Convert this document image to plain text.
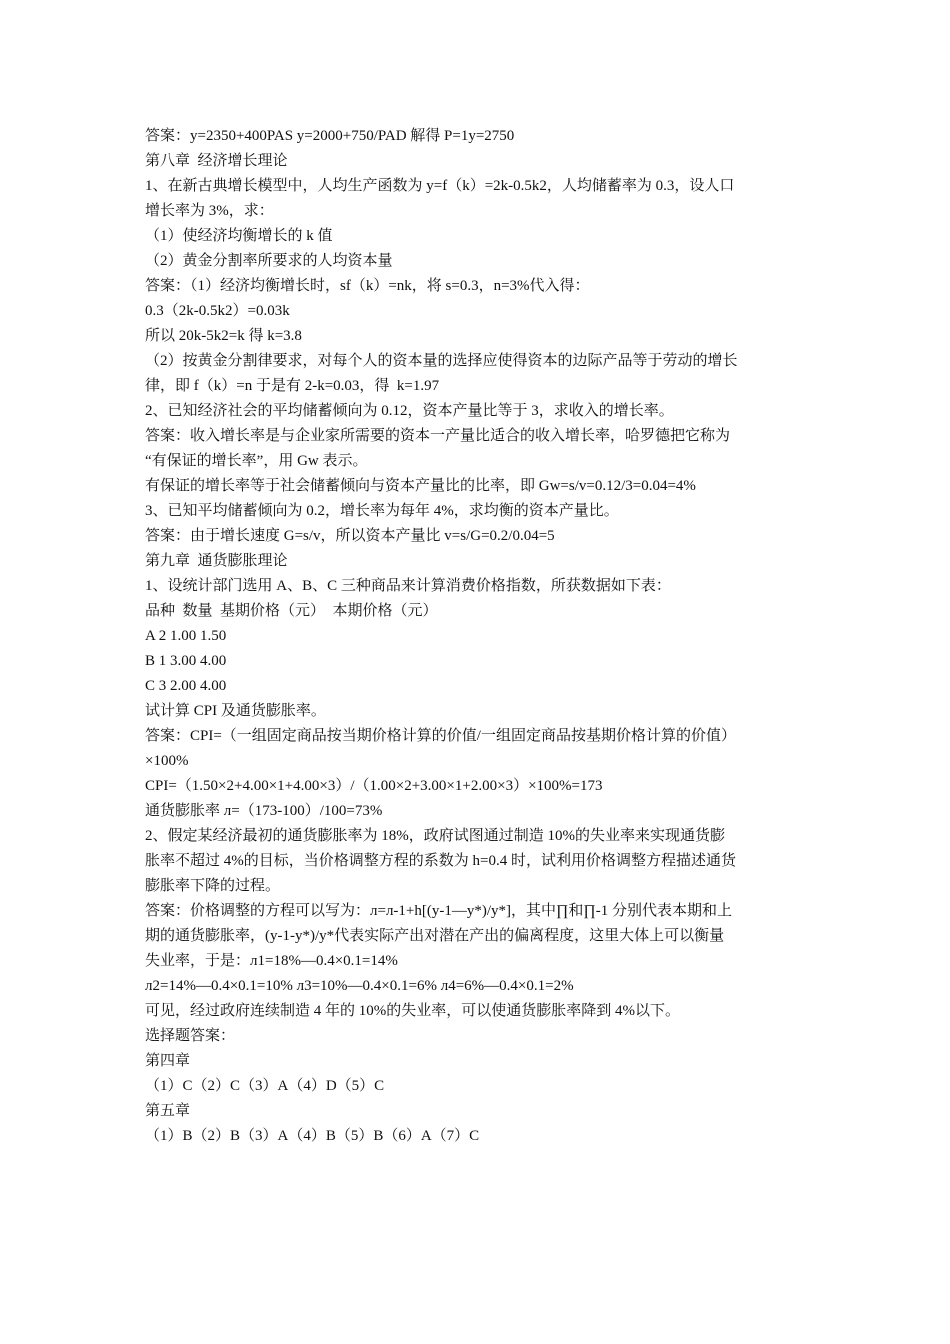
答案：y=2350+400PAS y=2000+750/PAD 解得 P=1y=2750
第八章  经济增长理论
1、在新古典增长模型中，人均生产函数为 y=f（k）=2k-0.5k2，人均储蓄率为 0.3，设人口
增长率为 3%，求：
（1）使经济均衡增长的 k 值
（2）黄金分割率所要求的人均资本量
答案：（1）经济均衡增长时，sf（k）=nk，将 s=0.3，n=3%代入得：
0.3（2k-0.5k2）=0.03k
所以 20k-5k2=k 得 k=3.8
（2）按黄金分割律要求，对每个人的资本量的选择应使得资本的边际产品等于劳动的增长
律，即 f（k）=n 于是有 2-k=0.03，得  k=1.97
2、已知经济社会的平均储蓄倾向为 0.12，资本产量比等于 3，求收入的增长率。
答案：收入增长率是与企业家所需要的资本一产量比适合的收入增长率，哈罗德把它称为
“有保证的增长率”，用 Gw 表示。
有保证的增长率等于社会储蓄倾向与资本产量比的比率，即 Gw=s/v=0.12/3=0.04=4%
3、已知平均储蓄倾向为 0.2，增长率为每年 4%，求均衡的资本产量比。
答案：由于增长速度 G=s/v，所以资本产量比 v=s/G=0.2/0.04=5
第九章  通货膨胀理论
1、设统计部门选用 A、B、C 三种商品来计算消费价格指数，所获数据如下表：
品种  数量  基期价格（元）  本期价格（元）
A 2 1.00 1.50
B 1 3.00 4.00
C 3 2.00 4.00
试计算 CPI 及通货膨胀率。
答案：CPI=（一组固定商品按当期价格计算的价值/一组固定商品按基期价格计算的价值）
×100%
CPI=（1.50×2+4.00×1+4.00×3）/（1.00×2+3.00×1+2.00×3）×100%=173
通货膨胀率 л=（173-100）/100=73%
2、假定某经济最初的通货膨胀率为 18%，政府试图通过制造 10%的失业率来实现通货膨
胀率不超过 4%的目标，当价格调整方程的系数为 h=0.4 时，试利用价格调整方程描述通货
膨胀率下降的过程。
答案：价格调整的方程可以写为：л=л-1+h[(y-1—y*)/y*]，其中∏和∏-1 分别代表本期和上
期的通货膨胀率，(y-1-y*)/y*代表实际产出对潜在产出的偏离程度，这里大体上可以衡量
失业率，于是：л1=18%—0.4×0.1=14%
л2=14%—0.4×0.1=10% л3=10%—0.4×0.1=6% л4=6%—0.4×0.1=2%
可见，经过政府连续制造 4 年的 10%的失业率，可以使通货膨胀率降到 4%以下。
选择题答案：
第四章
（1）C（2）C（3）A（4）D（5）C
第五章
（1）B（2）B（3）A（4）B（5）B（6）A（7）C
